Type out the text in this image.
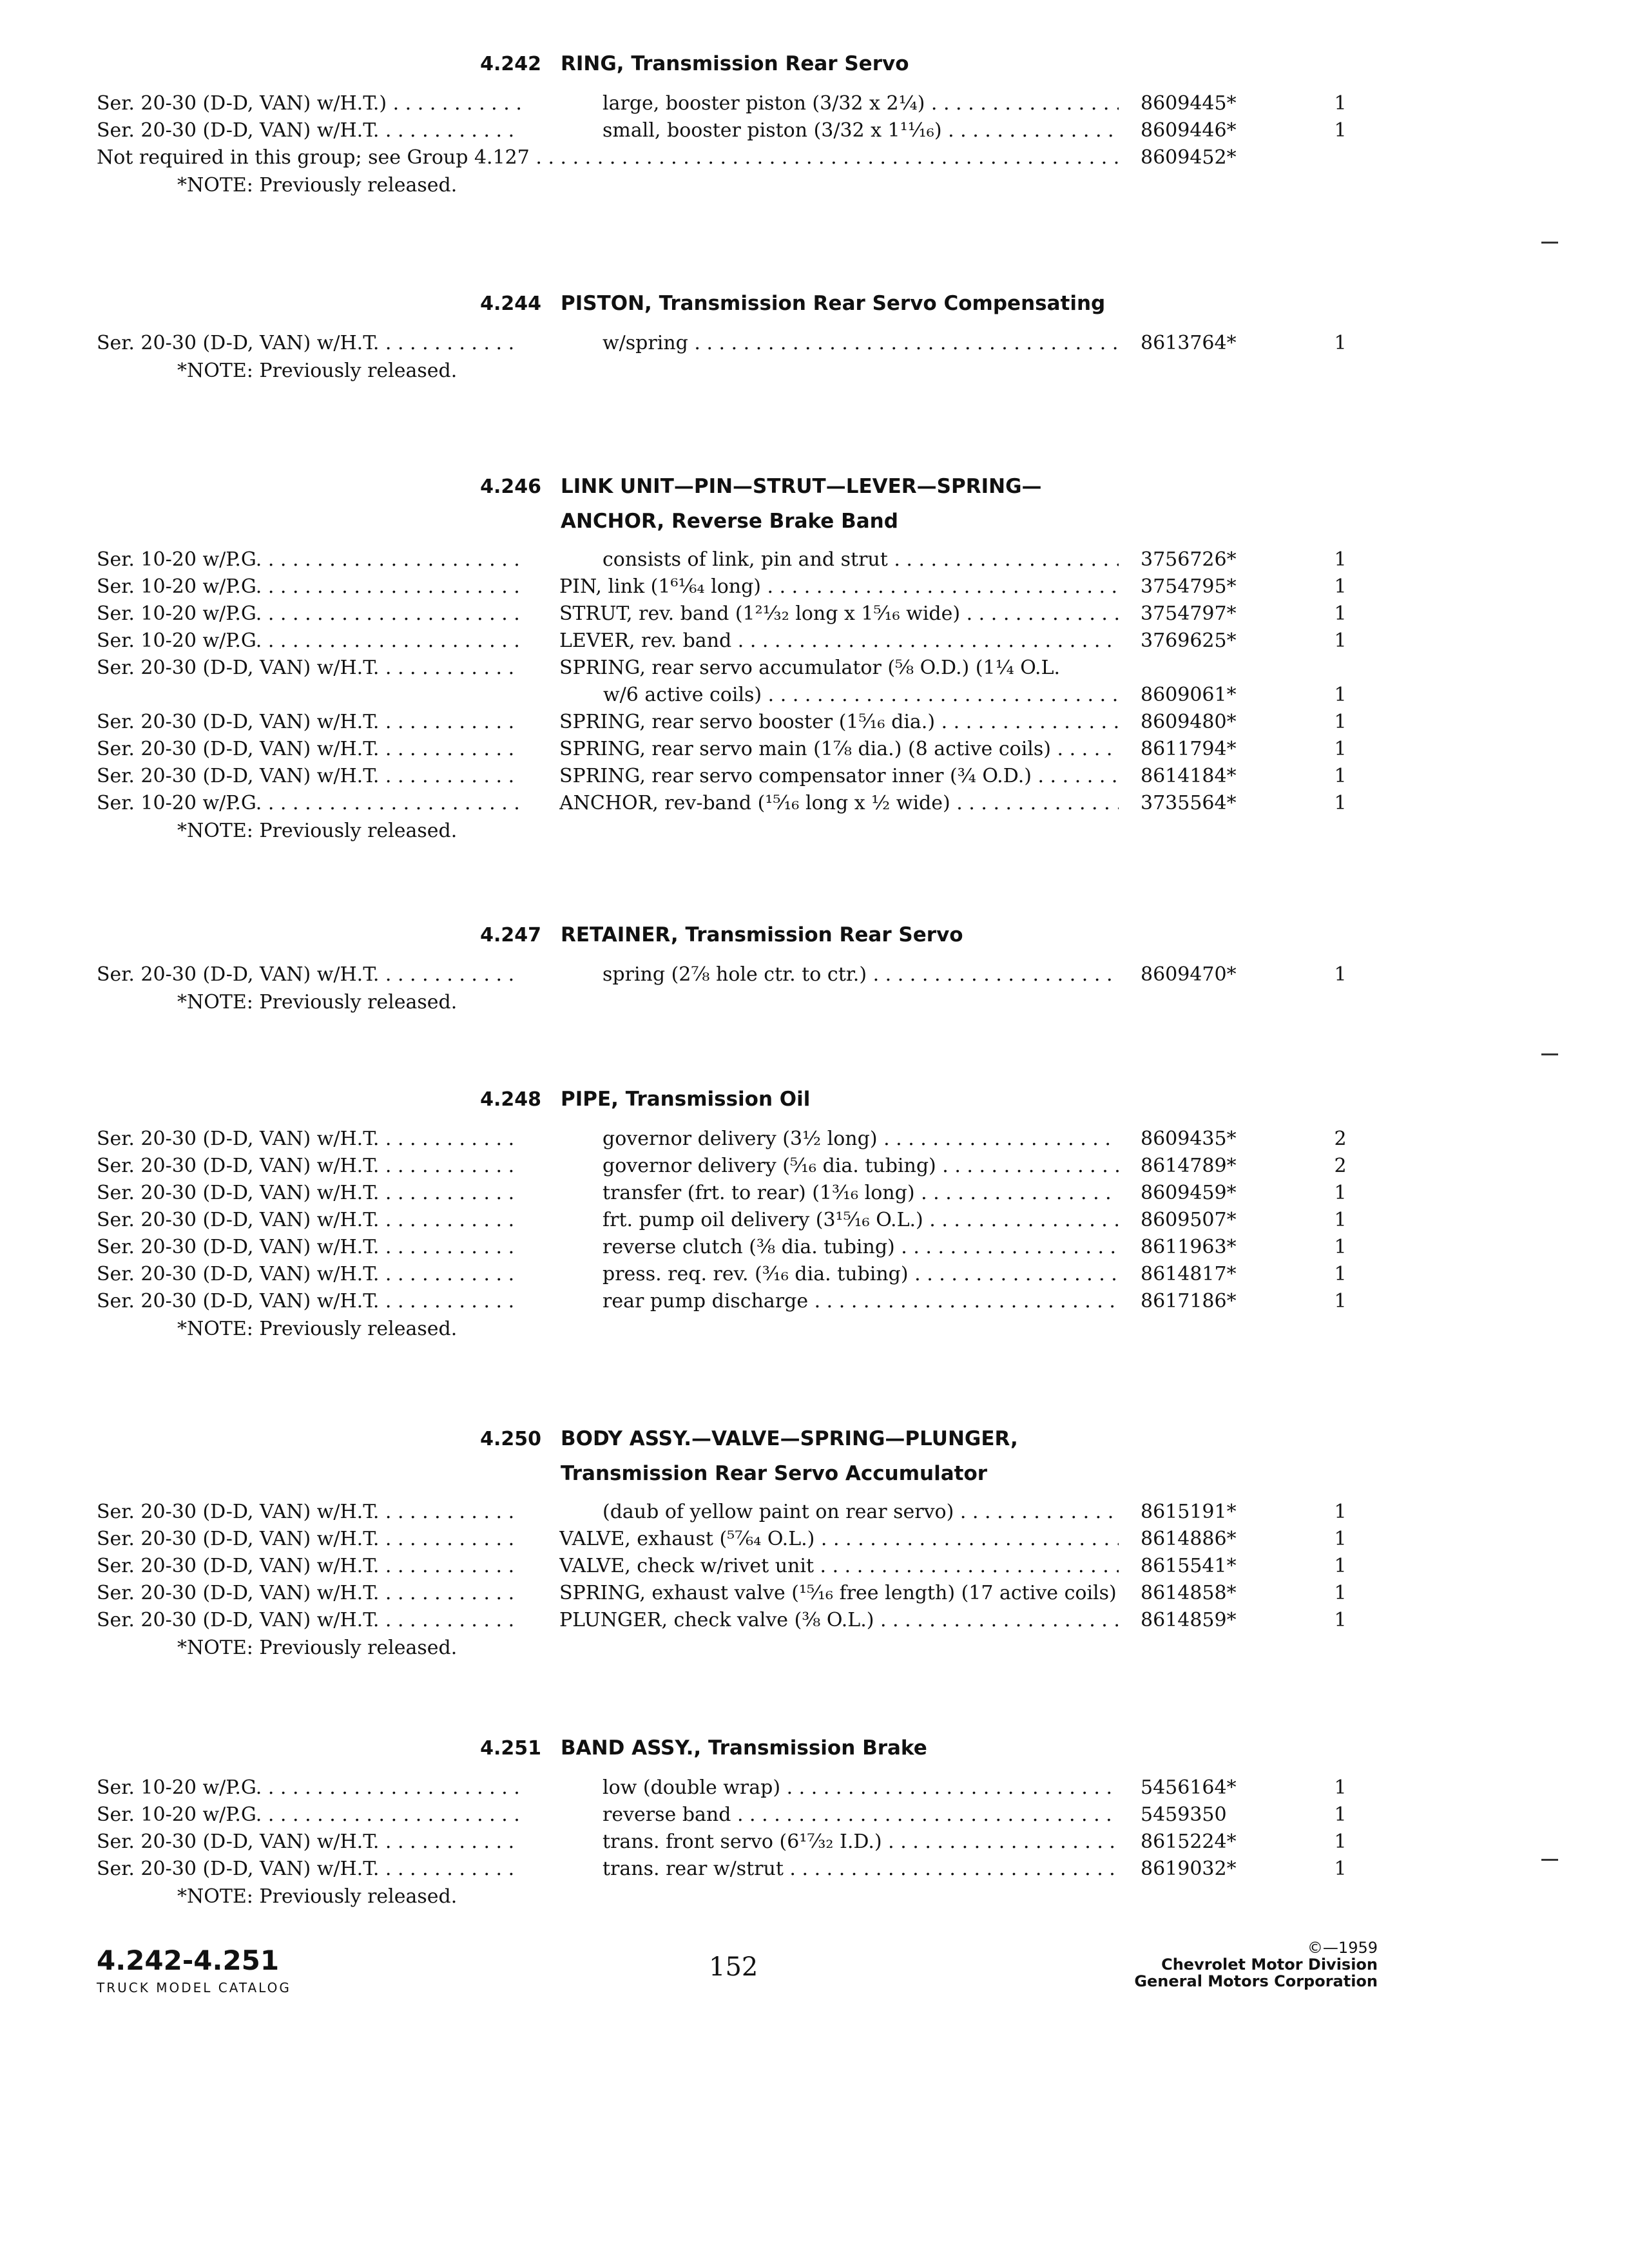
4.242 RING, Transmission Rear Servo
Ser. 20-30 (D-D, VAN) w/H.T.) . . .	large, booster piston (3/32 x 2¼) . . .	8609445*	1
Ser. 20-30 (D-D, VAN) w/H.T. . . .	small, booster piston (3/32 x 1¹¹⁄₁₆) . . .	8609446*	1
Not required in this group; see Group 4.127 . . .	8609452*
*NOTE: Previously released.
4.244 PISTON, Transmission Rear Servo Compensating
Ser. 20-30 (D-D, VAN) w/H.T. . . .	w/spring . . .	8613764*	1
*NOTE: Previously released.
4.246 LINK UNIT—PIN—STRUT—LEVER—SPRING—
ANCHOR, Reverse Brake Band
Ser. 10-20 w/P.G. . . .	consists of link, pin and strut . . .	3756726*	1
Ser. 10-20 w/P.G. . . .	PIN, link (1⁶¹⁄₆₄ long) . . .	3754795*	1
Ser. 10-20 w/P.G. . . .	STRUT, rev. band (1²¹⁄₃₂ long x 1⁵⁄₁₆ wide) . . .	3754797*	1
Ser. 10-20 w/P.G. . . .	LEVER, rev. band . . .	3769625*	1
Ser. 20-30 (D-D, VAN) w/H.T. . . .	SPRING, rear servo accumulator (⅝ O.D.) (1¼ O.L.
w/6 active coils) . . .	8609061*	1
Ser. 20-30 (D-D, VAN) w/H.T. . . .	SPRING, rear servo booster (1⁵⁄₁₆ dia.) . . .	8609480*	1
Ser. 20-30 (D-D, VAN) w/H.T. . . .	SPRING, rear servo main (1⅞ dia.) (8 active coils) . . .	8611794*	1
Ser. 20-30 (D-D, VAN) w/H.T. . . .	SPRING, rear servo compensator inner (¾ O.D.) . . .	8614184*	1
Ser. 10-20 w/P.G. . . .	ANCHOR, rev-band (¹⁵⁄₁₆ long x ½ wide) . . .	3735564*	1
*NOTE: Previously released.
4.247 RETAINER, Transmission Rear Servo
Ser. 20-30 (D-D, VAN) w/H.T. . . .	spring (2⅞ hole ctr. to ctr.) . . .	8609470*	1
*NOTE: Previously released.
4.248 PIPE, Transmission Oil
Ser. 20-30 (D-D, VAN) w/H.T. . . .	governor delivery (3½ long) . . .	8609435*	2
Ser. 20-30 (D-D, VAN) w/H.T. . . .	governor delivery (⁵⁄₁₆ dia. tubing) . . .	8614789*	2
Ser. 20-30 (D-D, VAN) w/H.T. . . .	transfer (frt. to rear) (1³⁄₁₆ long) . . .	8609459*	1
Ser. 20-30 (D-D, VAN) w/H.T. . . .	frt. pump oil delivery (3¹⁵⁄₁₆ O.L.) . . .	8609507*	1
Ser. 20-30 (D-D, VAN) w/H.T. . . .	reverse clutch (⅜ dia. tubing) . . .	8611963*	1
Ser. 20-30 (D-D, VAN) w/H.T. . . .	press. req. rev. (³⁄₁₆ dia. tubing) . . .	8614817*	1
Ser. 20-30 (D-D, VAN) w/H.T. . . .	rear pump discharge . . .	8617186*	1
*NOTE: Previously released.
4.250 BODY ASSY.—VALVE—SPRING—PLUNGER,
Transmission Rear Servo Accumulator
Ser. 20-30 (D-D, VAN) w/H.T. . . .	(daub of yellow paint on rear servo) . . .	8615191*	1
Ser. 20-30 (D-D, VAN) w/H.T. . . .	VALVE, exhaust (⁵⁷⁄₆₄ O.L.) . . .	8614886*	1
Ser. 20-30 (D-D, VAN) w/H.T. . . .	VALVE, check w/rivet unit . . .	8615541*	1
Ser. 20-30 (D-D, VAN) w/H.T. . . .	SPRING, exhaust valve (¹⁵⁄₁₆ free length) (17 active coils) . . . 8614858*	1
Ser. 20-30 (D-D, VAN) w/H.T. . . .	PLUNGER, check valve (⅜ O.L.) . . .	8614859*	1
*NOTE: Previously released.
4.251 BAND ASSY., Transmission Brake
Ser. 10-20 w/P.G. . . .	low (double wrap) . . .	5456164*	1
Ser. 10-20 w/P.G. . . .	reverse band . . .	5459350	1
Ser. 20-30 (D-D, VAN) w/H.T. . . .	trans. front servo (6¹⁷⁄₃₂ I.D.) . . .	8615224*	1
Ser. 20-30 (D-D, VAN) w/H.T. . . .	trans. rear w/strut . . .	8619032*	1
*NOTE: Previously released.
4.242-4.251
TRUCK MODEL CATALOG
152
©—1959
Chevrolet Motor Division
General Motors Corporation
